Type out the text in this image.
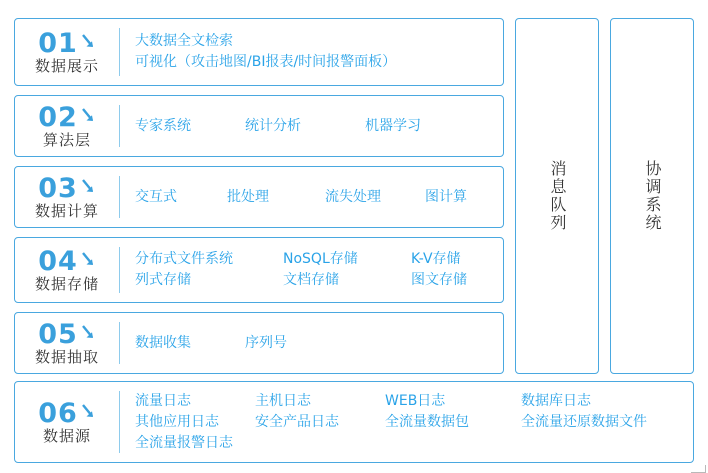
01
数据展示
大数据全文检索
可视化（攻击地图/BI报表/时间报警面板）
02
算法层
专家系统	统计分析	机器学习
03
数据计算
交互式	批处理	流失处理	图计算
04
数据存储
分布式文件系统	NoSQL存储	K-V存储
列式存储	文档存储	图文存储
05
数据抽取
数据收集	序列号
06
数据源
流量日志	主机日志	WEB日志	数据库日志
其他应用日志	安全产品日志	全流量数据包	全流量还原数据文件
全流量报警日志
消息队列	协调系统
